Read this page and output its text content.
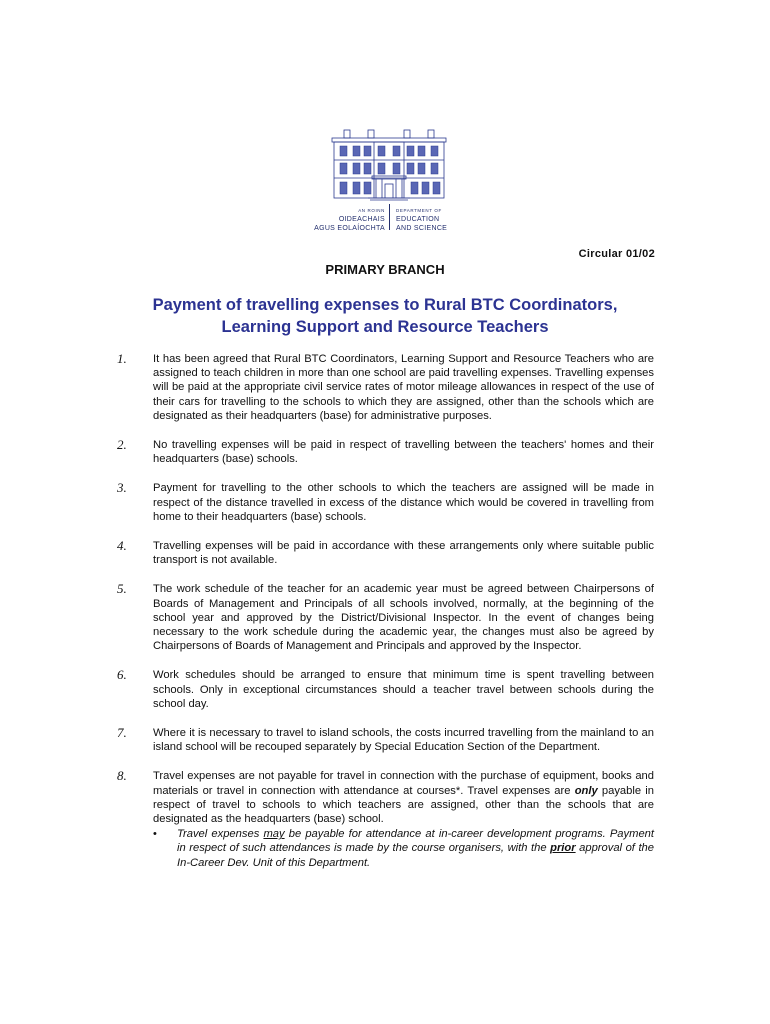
AN ROINN
OIDEACHAIS
AGUS EOLAÍOCHTA
DEPARTMENT OF
EDUCATION
AND SCIENCE
Circular 01/02
PRIMARY BRANCH
Payment of travelling expenses to Rural BTC Coordinators,
Learning Support and Resource Teachers
1. It has been agreed that Rural BTC Coordinators, Learning Support and Resource Teachers who are assigned to teach children in more than one school are paid travelling expenses. Travelling expenses will be paid at the appropriate civil service rates of motor mileage allowances in respect of the use of their cars for travelling to the schools to which they are assigned, other than the schools which are designated as their headquarters (base) for administrative purposes.
2. No travelling expenses will be paid in respect of travelling between the teachers' homes and their headquarters (base) schools.
3. Payment for travelling to the other schools to which the teachers are assigned will be made in respect of the distance travelled in excess of the distance which would be covered in travelling from home to their headquarters (base) schools.
4. Travelling expenses will be paid in accordance with these arrangements only where suitable public transport is not available.
5. The work schedule of the teacher for an academic year must be agreed between Chairpersons of Boards of Management and Principals of all schools involved, normally, at the beginning of the school year and approved by the District/Divisional Inspector. In the event of changes being necessary to the work schedule during the academic year, the changes must also be agreed by Chairpersons of Boards of Management and Principals and approved by the Inspector.
6. Work schedules should be arranged to ensure that minimum time is spent travelling between schools. Only in exceptional circumstances should a teacher travel between schools during the school day.
7. Where it is necessary to travel to island schools, the costs incurred travelling from the mainland to an island school will be recouped separately by Special Education Section of the Department.
8. Travel expenses are not payable for travel in connection with the purchase of equipment, books and materials or travel in connection with attendance at courses*. Travel expenses are only payable in respect of travel to schools to which teachers are assigned, other than the schools that are designated as the headquarters (base) school.
• Travel expenses may be payable for attendance at in-career development programs. Payment in respect of such attendances is made by the course organisers, with the prior approval of the In-Career Dev. Unit of this Department.
